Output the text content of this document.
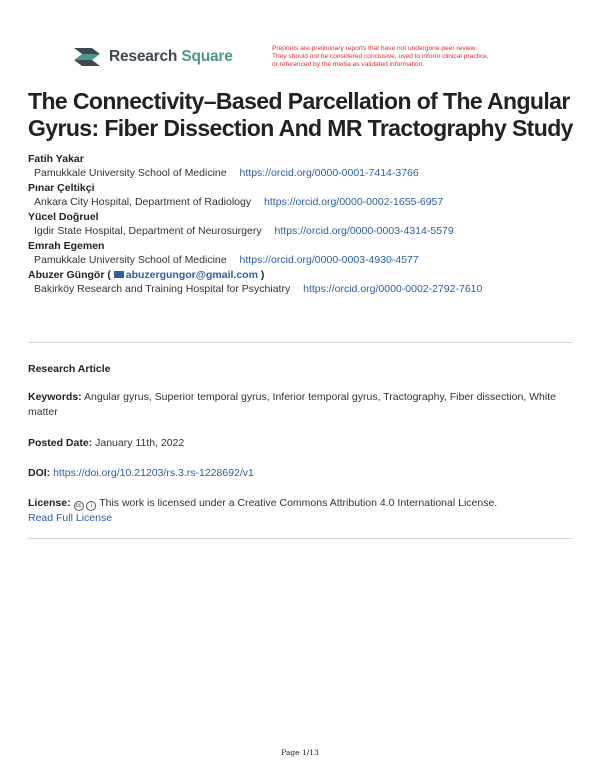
Research Square	Preprints are preliminary reports that have not undergone peer review.
They should not be considered conclusive, used to inform clinical practice,
or referenced by the media as validated information.
The Connectivity–Based Parcellation of The Angular Gyrus: Fiber Dissection And MR Tractography Study
Fatih Yakar
Pamukkale University School of Medicine https://orcid.org/0000-0001-7414-3766
Pınar Çeltikçi
Ankara City Hospital, Department of Radiology https://orcid.org/0000-0002-1655-6957
Yücel Doğruel
Igdir State Hospital, Department of Neurosurgery https://orcid.org/0000-0003-4314-5579
Emrah Egemen
Pamukkale University School of Medicine https://orcid.org/0000-0003-4930-4577
Abuzer Güngör ( abuzergungor@gmail.com )
Bakirköy Research and Training Hospital for Psychiatry https://orcid.org/0000-0002-2792-7610
Research Article
Keywords: Angular gyrus, Superior temporal gyrus, Inferior temporal gyrus, Tractography, Fiber dissection, White matter
Posted Date: January 11th, 2022
DOI: https://doi.org/10.21203/rs.3.rs-1228692/v1
License: cc i This work is licensed under a Creative Commons Attribution 4.0 International License.
Read Full License
Page 1/13
